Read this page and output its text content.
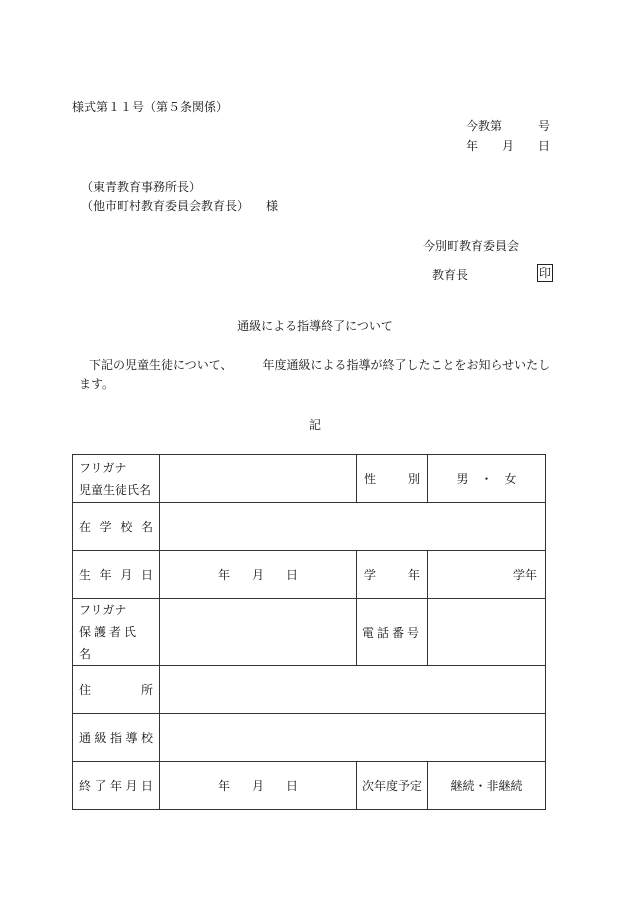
様式第１１号（第５条関係）
今教第　　　号
年　　月　　日
（東青教育事務所長）
（他市町村教育委員会教育長） 様
今別町教育委員会
教育長	印
通級による指導終了について
下記の児童生徒について、　　　年度通級による指導が終了したことをお知らせいたし
ます。
記
フリガナ
児童生徒氏名		性 別	男　・　女

在 学 校 名			

生 年 月 日	年 月 日	学 年	学年

フリガナ
保護者氏名		電話番号	

住 所			

通 級 指 導 校			

終 了 年 月 日	年 月 日	次年度予定	継続・非継続
